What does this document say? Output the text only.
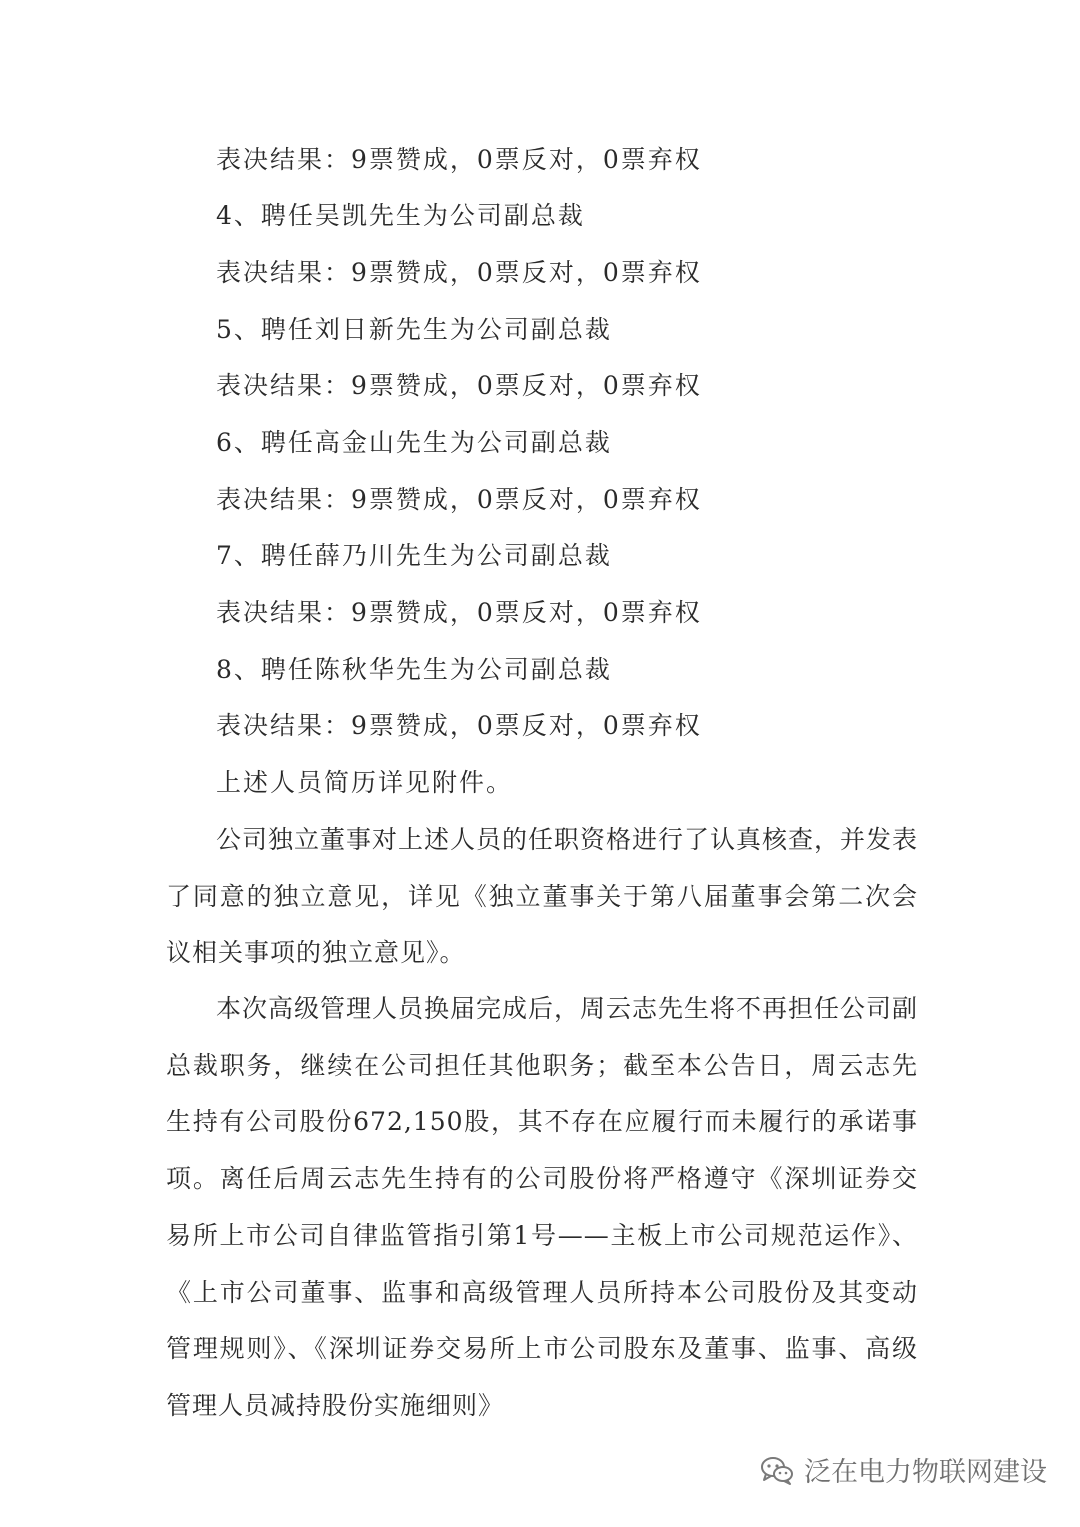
表决结果：9票赞成，0票反对，0票弃权
4、聘任吴凯先生为公司副总裁
表决结果：9票赞成，0票反对，0票弃权
5、聘任刘日新先生为公司副总裁
表决结果：9票赞成，0票反对，0票弃权
6、聘任高金山先生为公司副总裁
表决结果：9票赞成，0票反对，0票弃权
7、聘任薛乃川先生为公司副总裁
表决结果：9票赞成，0票反对，0票弃权
8、聘任陈秋华先生为公司副总裁
表决结果：9票赞成，0票反对，0票弃权
上述人员简历详见附件。
公司独立董事对上述人员的任职资格进行了认真核查，并发表了同意的独立意见，详见《独立董事关于第八届董事会第二次会议相关事项的独立意见》。
本次高级管理人员换届完成后，周云志先生将不再担任公司副总裁职务，继续在公司担任其他职务；截至本公告日，周云志先生持有公司股份672,150股，其不存在应履行而未履行的承诺事项。离任后周云志先生持有的公司股份将严格遵守《深圳证券交易所上市公司自律监管指引第1号——主板上市公司规范运作》、《上市公司董事、监事和高级管理人员所持本公司股份及其变动管理规则》、《深圳证券交易所上市公司股东及董事、监事、高级管理人员减持股份实施细则》
泛在电力物联网建设
